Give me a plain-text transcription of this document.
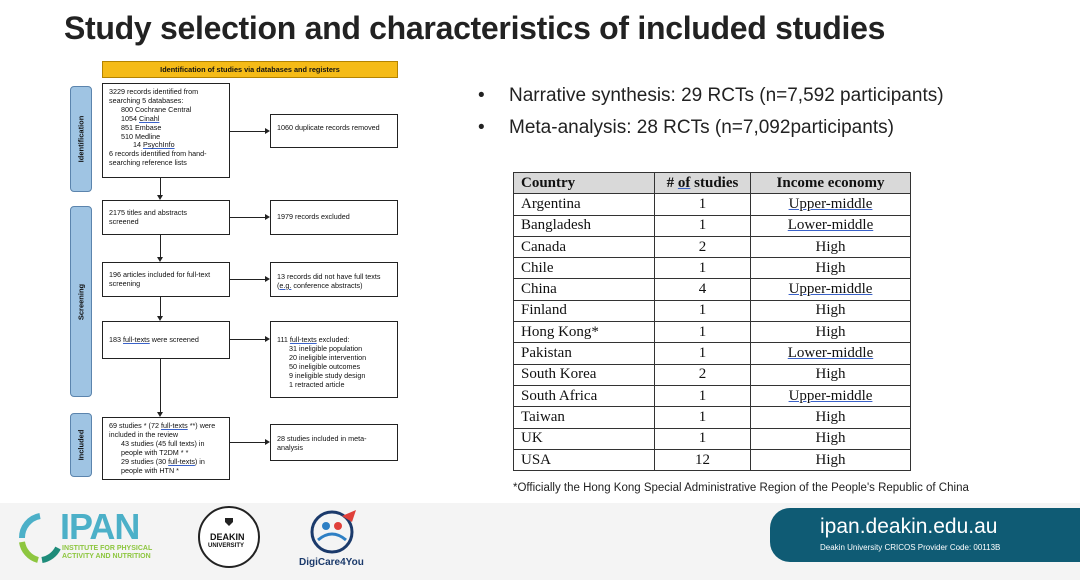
Study selection and characteristics of included studies
Identification of studies via databases and registers
Identification
Screening
Included
3229 records identified from
searching 5 databases:
800 Cochrane Central
1054 Cinahl
851 Embase
510 Medline
14 PsychInfo
6 records identified from hand-
searching reference lists
1060 duplicate records removed
2175 titles and abstracts
screened
1979 records excluded
196 articles included for full-text
screening
13 records did not have full texts
(e.g. conference abstracts)
183 full-texts were screened	111 full-texts excluded:
31 ineligible population
20 ineligible intervention
50 ineligible outcomes
9 ineligible study design
1 retracted article
69 studies * (72 full-texts **) were
included in the review
43 studies (45 full texts) in
people with T2DM * *
29 studies (30 full-texts) in
people with HTN *
28 studies included in meta-
analysis
• Narrative synthesis: 29 RCTs (n=7,592 participants)
• Meta-analysis: 28 RCTs (n=7,092participants)
Country	# of studies	Income economy
Argentina	1	Upper-middle
Bangladesh	1	Lower-middle
Canada	2	High
Chile	1	High
China	4	Upper-middle
Finland	1	High
Hong Kong*	1	High
Pakistan	1	Lower-middle
South Korea	2	High
South Africa	1	Upper-middle
Taiwan	1	High
UK	1	High
USA	12	High
*Officially the Hong Kong Special Administrative Region of the People's Republic of China
IPAN
INSTITUTE FOR PHYSICAL
ACTIVITY AND NUTRITION
DEAKIN
UNIVERSITY
DigiCare4You
ipan.deakin.edu.au
Deakin University CRICOS Provider Code: 00113B
